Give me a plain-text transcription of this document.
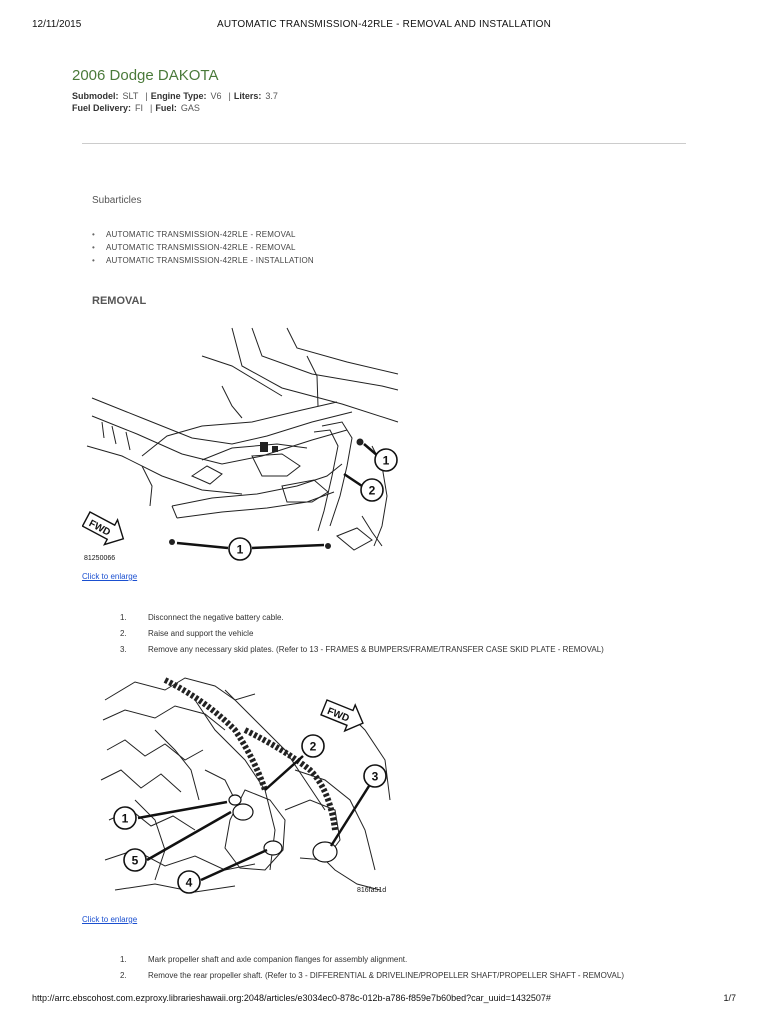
12/11/2015	AUTOMATIC TRANSMISSION-42RLE - REMOVAL AND INSTALLATION
2006 Dodge DAKOTA
Submodel: SLT | Engine Type: V6 | Liters: 3.7
Fuel Delivery: FI | Fuel: GAS
Subarticles
• AUTOMATIC TRANSMISSION-42RLE - REMOVAL
• AUTOMATIC TRANSMISSION-42RLE - REMOVAL
• AUTOMATIC TRANSMISSION-42RLE - INSTALLATION
REMOVAL
1
2
1
FWD
81250066
Click to enlarge
1.	Disconnect the negative battery cable.
2.	Raise and support the vehicle
3.	Remove any necessary skid plates. (Refer to 13 - FRAMES & BUMPERS/FRAME/TRANSFER CASE SKID PLATE - REMOVAL)
1
2
3
4
5
FWD
816fa51d
Click to enlarge
1.	Mark propeller shaft and axle companion flanges for assembly alignment.
2.	Remove the rear propeller shaft. (Refer to 3 - DIFFERENTIAL & DRIVELINE/PROPELLER SHAFT/PROPELLER SHAFT - REMOVAL)
http://arrc.ebscohost.com.ezproxy.librarieshawaii.org:2048/articles/e3034ec0-878c-012b-a786-f859e7b60bed?car_uuid=1432507#	1/7
